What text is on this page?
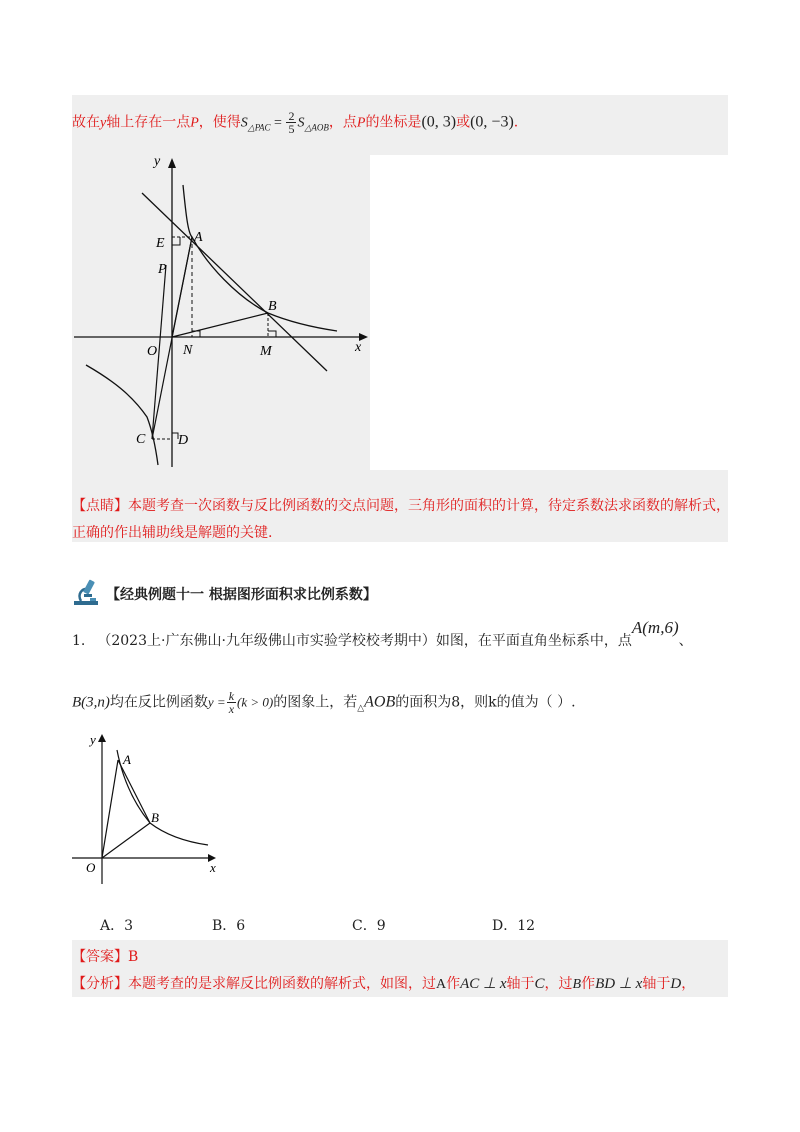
故在y轴上存在一点P，使得$S_{\triangle PAC} = \frac{2}{5} S_{\triangle AOB}$，点P的坐标是(0, 3)或(0, −3).
y
x
O
A
B
C D
E
P
N	M
【点睛】本题考查一次函数与反比例函数的交点问题，三角形的面积的计算，待定系数法求函数的解析式，
正确的作出辅助线是解题的关键.
【经典例题十一 根据图形面积求比例系数】
1. （2023上·广东佛山·九年级佛山市实验学校校考期中）如图，在平面直角坐标系中，点A(m,6)、
B(3,n)均在反比例函数$y = \frac{k}{x} (k > 0)$的图象上，若$_\triangle$AOB的面积为8，则k的值为（ ）.
y
x
O
A
B
A．3	B．6	C．9	D．12
【答案】B
【分析】本题考查的是求解反比例函数的解析式，如图，过A作AC ⊥ x轴于C，过B作BD ⊥ x轴于D，
